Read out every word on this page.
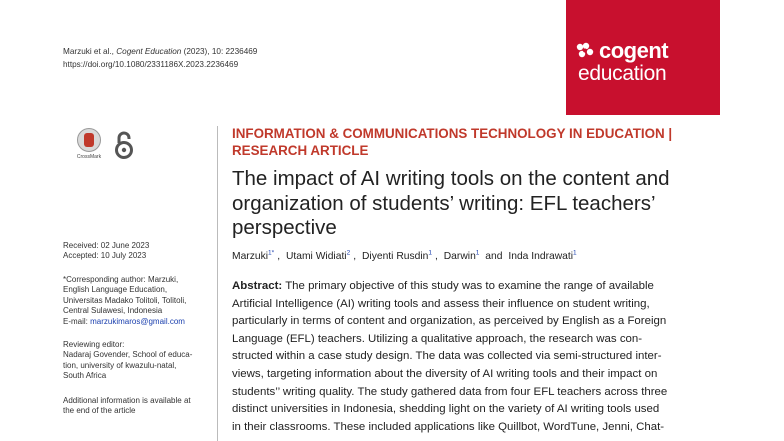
Marzuki et al., Cogent Education (2023), 10: 2236469
https://doi.org/10.1080/2331186X.2023.2236469
cogent
education
CrossMark
Received: 02 June 2023
Accepted: 10 July 2023
*Corresponding author: Marzuki,
English Language Education,
Universitas Madako Tolitoli, Tolitoli,
Central Sulawesi, Indonesia
E-mail: marzukimaros@gmail.com
Reviewing editor:
Nadaraj Govender, School of educa-
tion, university of kwazulu-natal,
South Africa
Additional information is available at
the end of the article
INFORMATION & COMMUNICATIONS TECHNOLOGY IN EDUCATION |
RESEARCH ARTICLE
The impact of AI writing tools on the content and
organization of students’ writing: EFL teachers’
perspective
Marzuki$^{1*}$ , Utami Widiati$^2$ , Diyenti Rusdin$^1$ , Darwin$^1$ and Inda Indrawati$^1$
Abstract: The primary objective of this study was to examine the range of available
Artificial Intelligence (AI) writing tools and assess their influence on student writing,
particularly in terms of content and organization, as perceived by English as a Foreign
Language (EFL) teachers. Utilizing a qualitative approach, the research was con-
structed within a case study design. The data was collected via semi-structured inter-
views, targeting information about the diversity of AI writing tools and their impact on
students’’ writing quality. The study gathered data from four EFL teachers across three
distinct universities in Indonesia, shedding light on the variety of AI writing tools used
in their classrooms. These included applications like Quillbot, WordTune, Jenni, Chat-
